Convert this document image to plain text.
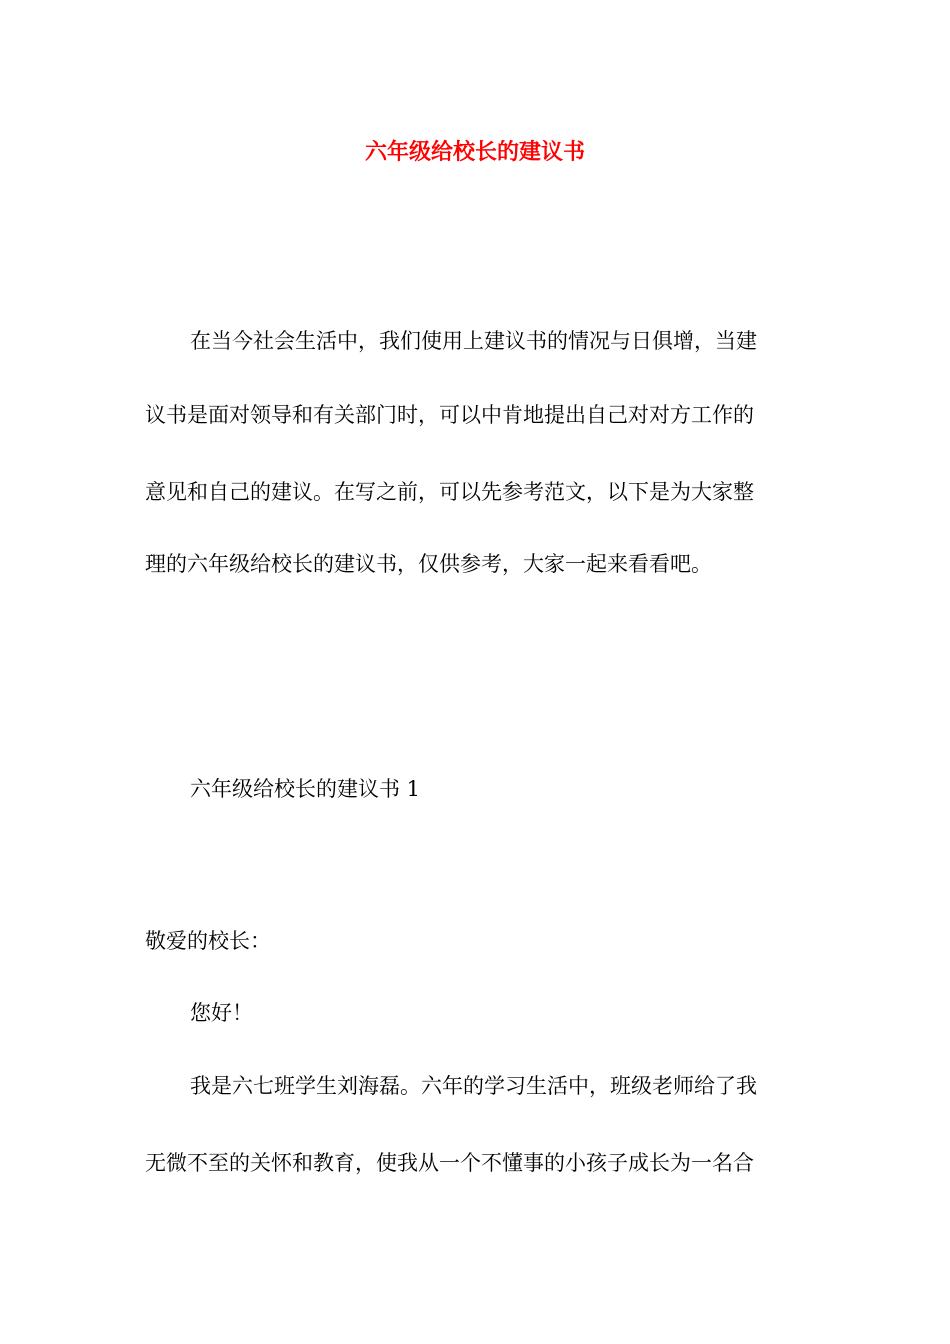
六年级给校长的建议书

在当今社会生活中，我们使用上建议书的情况与日俱增，当建

议书是面对领导和有关部门时，可以中肯地提出自己对对方工作的

意见和自己的建议。在写之前，可以先参考范文，以下是为大家整

理的六年级给校长的建议书，仅供参考，大家一起来看看吧。

六年级给校长的建议书 1

敬爱的校长：

您好！

我是六七班学生刘海磊。六年的学习生活中，班级老师给了我

无微不至的关怀和教育，使我从一个不懂事的小孩子成长为一名合
